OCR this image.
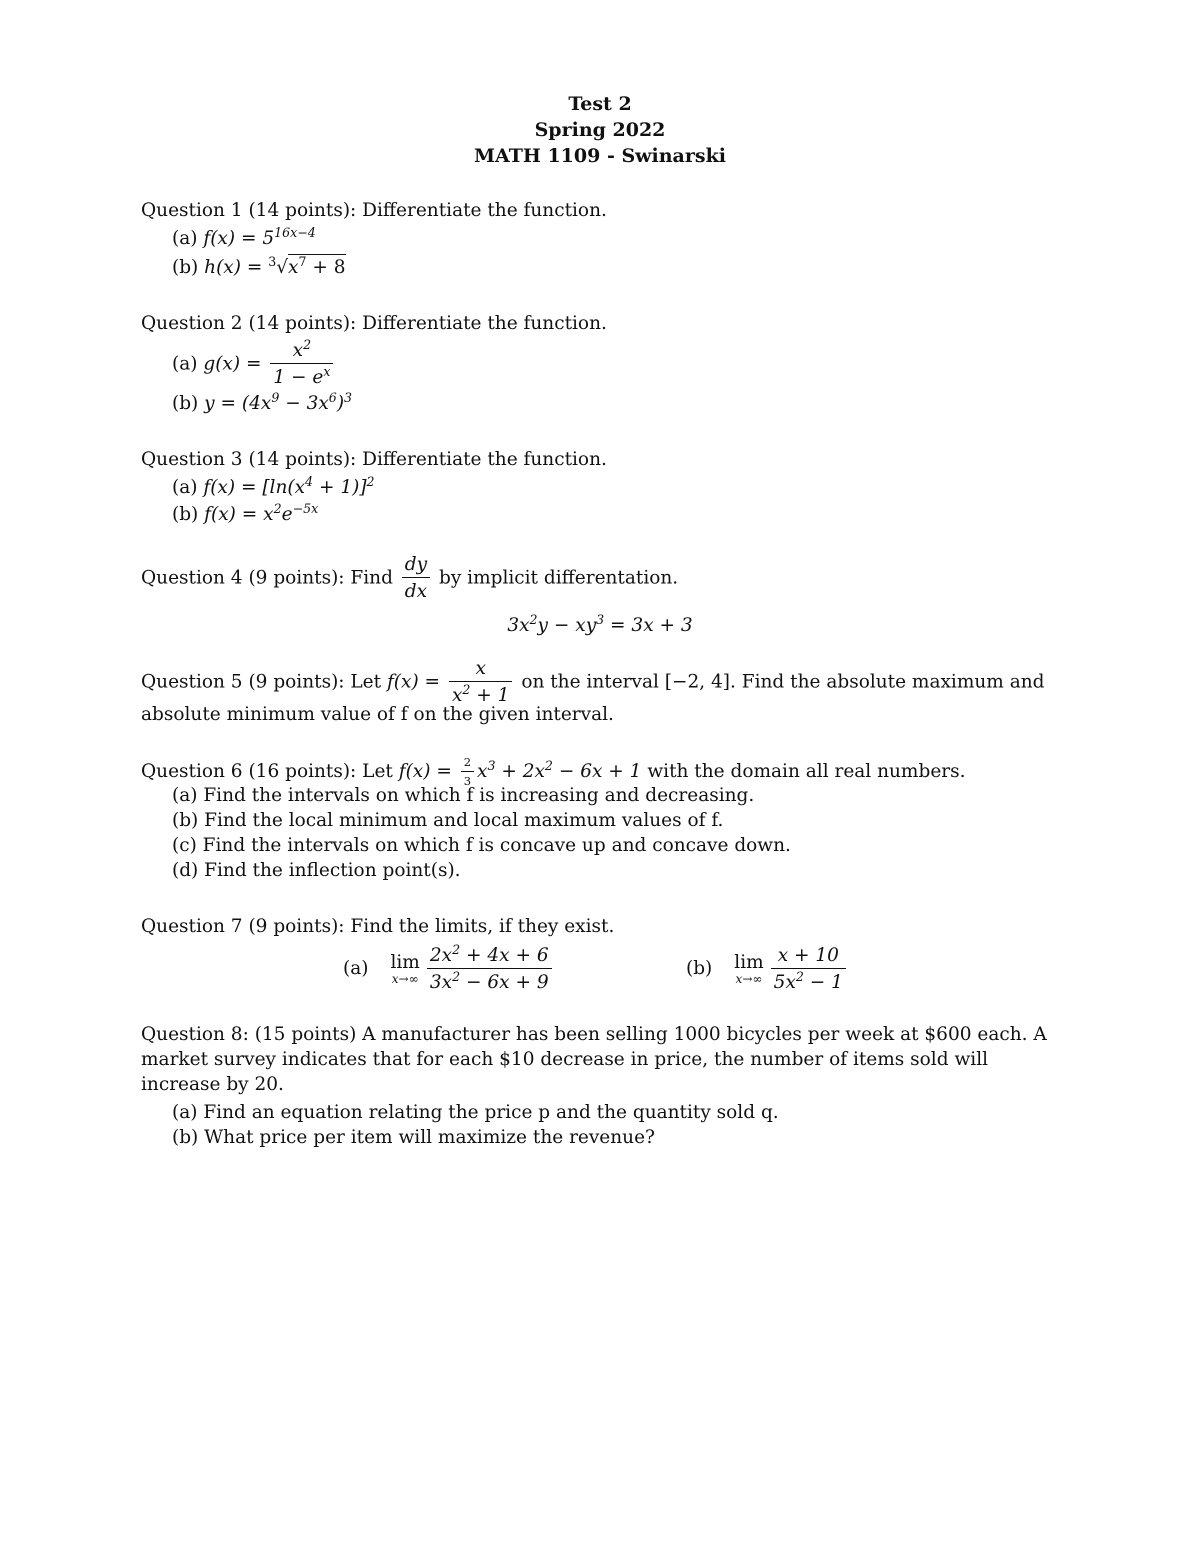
Test 2
Spring 2022
MATH 1109 - Swinarski
Question 1 (14 points): Differentiate the function.
(a) $f(x) = 5^{16x-4}$
(b) $h(x) = ^3√x^7 + 8$
Question 2 (14 points): Differentiate the function.
(a) $g(x) = \frac{x^2}{1 - e^x}$
(b) $y = (4x^9 - 3x^6)^3$
Question 3 (14 points): Differentiate the function.
(a) $f(x) = [\ln(x^4 + 1)]^2$
(b) $f(x) = x^2e^{-5x}$
Question 4 (9 points): Find $\frac{dy}{dx}$ by implicit differentation.
$3x^2y - xy^3 = 3x + 3$
Question 5 (9 points): Let $f(x) = \frac{x}{x^2 + 1}$ on the interval [−2, 4]. Find the absolute maximum and
absolute minimum value of f on the given interval.
Question 6 (16 points): Let $f(x) = \frac{2}{3} x^3 + 2x^2 - 6x + 1$ with the domain all real numbers.
(a) Find the intervals on which f is increasing and decreasing.
(b) Find the local minimum and local maximum values of f.
(c) Find the intervals on which f is concave up and concave down.
(d) Find the inflection point(s).
Question 7 (9 points): Find the limits, if they exist.
(a) lim
$x\to\infty \frac{2x^2 + 4x + 6}{3x^2 - 6x + 9}$	(b) lim
$x\to\infty \frac{x + 10}{5x^2 - 1}$
Question 8: (15 points) A manufacturer has been selling 1000 bicycles per week at $600 each. A market survey indicates that for each $10 decrease in price, the number of items sold will increase by 20.
(a) Find an equation relating the price p and the quantity sold q.
(b) What price per item will maximize the revenue?
